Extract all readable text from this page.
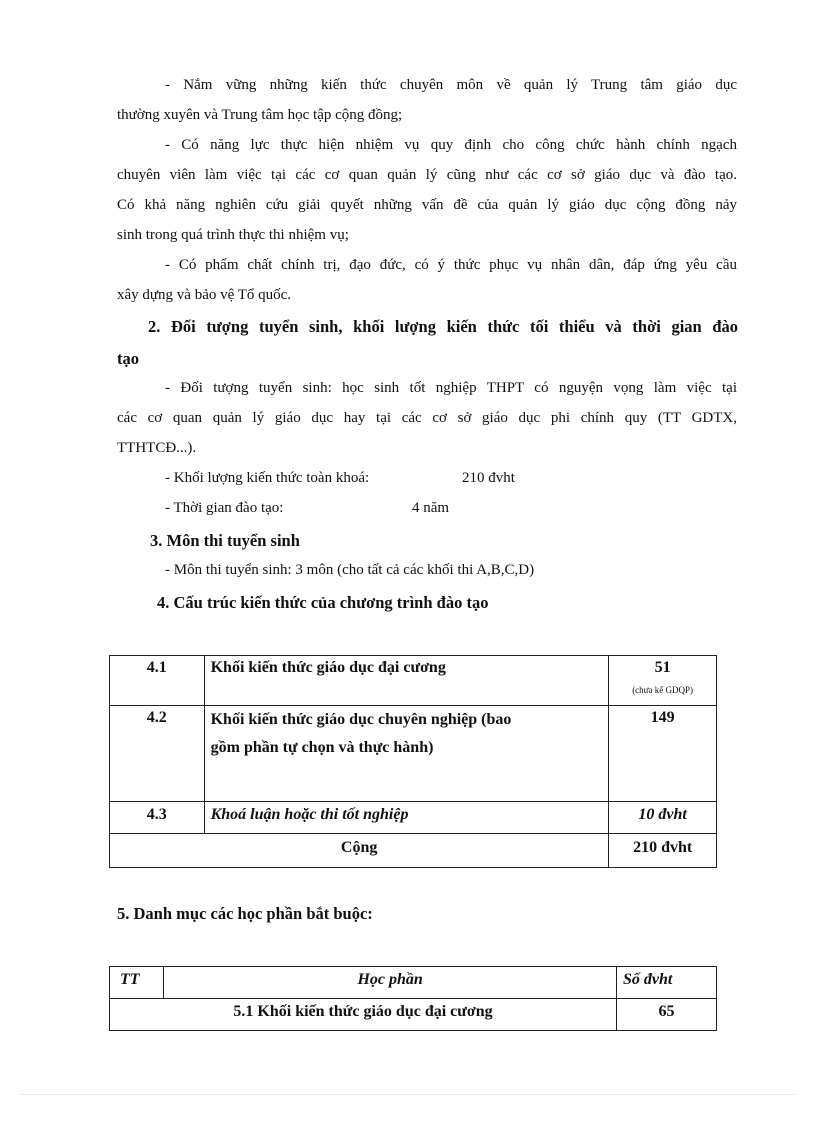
- Nắm vững những kiến thức chuyên môn về quản lý Trung tâm giáo dục
thường xuyên và Trung tâm học tập cộng đồng;
- Có năng lực thực hiện nhiệm vụ quy định cho công chức hành chính ngạch
chuyên viên làm việc tại các cơ quan quản lý cũng như các cơ sở giáo dục và đào tạo.
Có khả năng nghiên cứu giải quyết những vấn đề của quản lý giáo dục cộng đồng nảy
sinh trong quá trình thực thi nhiệm vụ;
- Có phẩm chất chính trị, đạo đức, có ý thức phục vụ nhân dân, đáp ứng yêu cầu
xây dựng và bảo vệ Tổ quốc.
2. Đối tượng tuyển sinh, khối lượng kiến thức tối thiểu và thời gian đào
tạo
- Đối tượng tuyển sinh: học sinh tốt nghiệp THPT có nguyện vọng làm việc tại
các cơ quan quản lý giáo dục hay tại các cơ sở giáo dục phi chính quy (TT GDTX,
TTHTCĐ...).
- Khối lượng kiến thức toàn khoá:	210 đvht
- Thời gian đào tạo:	4 năm
3. Môn thi tuyển sinh
- Môn thi tuyển sinh: 3 môn (cho tất cả các khối thi A,B,C,D)
4. Cấu trúc kiến thức của chương trình đào tạo
4.1	Khối kiến thức giáo dục đại cương	51
(chưa kể GDQP)

4.2	Khối kiến thức giáo dục chuyên nghiệp (bao
gồm phần tự chọn và thực hành)	149
4.3	Khoá luận hoặc thi tốt nghiệp	10 đvht
Cộng		210 đvht
5. Danh mục các học phần bắt buộc:
TT	Học phần	Số đvht
5.1 Khối kiến thức giáo dục đại cương		65
